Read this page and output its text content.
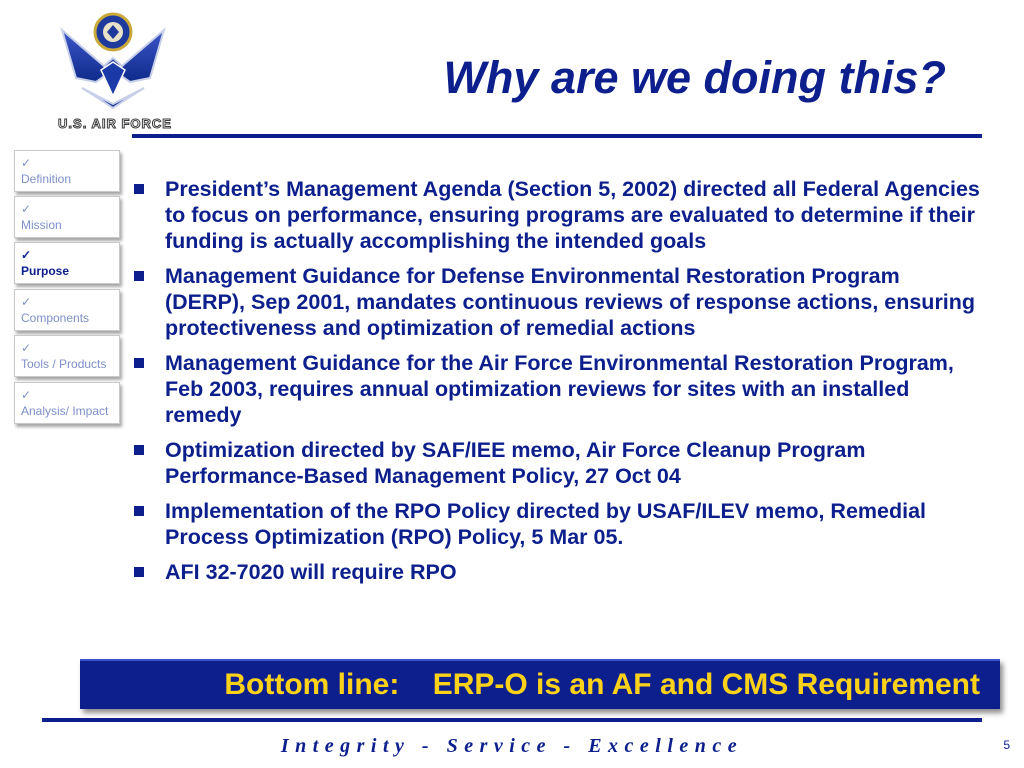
U.S. AIR FORCE
Why are we doing this?
✓Definition
✓Mission
✓Purpose
✓Components
✓Tools / Products
✓Analysis/ Impact
President’s Management Agenda (Section 5, 2002) directed all Federal Agencies to focus on performance, ensuring programs are evaluated to determine if their funding is actually accomplishing the intended goals
Management Guidance for Defense Environmental Restoration Program (DERP), Sep 2001, mandates continuous reviews of response actions, ensuring protectiveness and optimization of remedial actions
Management Guidance for the Air Force Environmental Restoration Program, Feb 2003, requires annual optimization reviews for sites with an installed remedy
Optimization directed by SAF/IEE memo, Air Force Cleanup Program Performance-Based Management Policy, 27 Oct 04
Implementation of the RPO Policy directed by USAF/ILEV memo, Remedial Process Optimization (RPO) Policy, 5 Mar 05.
AFI 32-7020 will require RPO
Bottom line:    ERP-O is an AF and CMS Requirement
Integrity - Service - Excellence	5
